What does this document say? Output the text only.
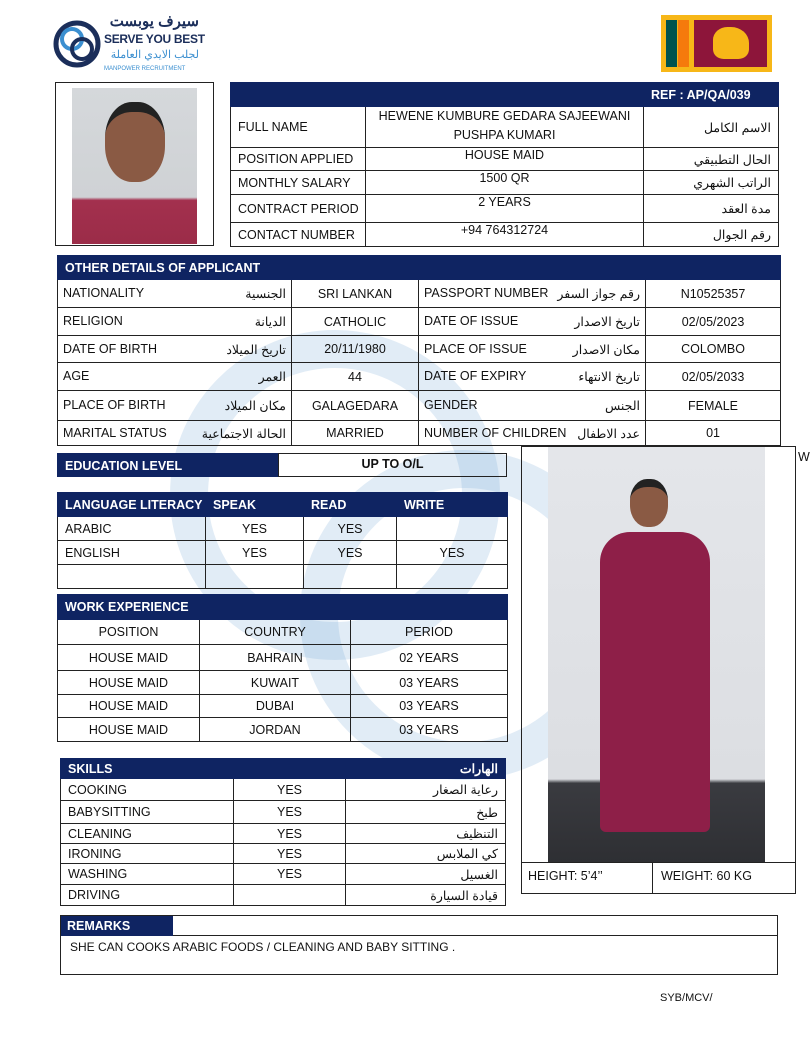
سيرف يوبست
SERVE YOU BEST
لجلب الايدي العاملة
MANPOWER RECRUITMENT
		REF : AP/QA/039
FULL NAME	HEWENE KUMBURE GEDARA SAJEEWANI PUSHPA KUMARI	الاسم الكامل
POSITION APPLIED	HOUSE MAID	الحال التطبيقي
MONTHLY SALARY	1500 QR	الراتب الشهري
CONTRACT PERIOD	2 YEARS	مدة العقد
CONTACT NUMBER	+94 764312724	رقم الجوال
OTHER DETAILS OF APPLICANT			

NATIONALITY الجنسية	SRI LANKAN	PASSPORT NUMBER رقم جواز السفر	N10525357

RELIGION الديانة	CATHOLIC	DATE OF ISSUE تاريخ الاصدار	02/05/2023

DATE OF BIRTH تاريخ الميلاد	20/11/1980	PLACE OF ISSUE مكان الاصدار	COLOMBO

AGE العمر	44	DATE OF EXPIRY تاريخ الانتهاء	02/05/2033

PLACE OF BIRTH مكان الميلاد	GALAGEDARA	GENDER الجنس	FEMALE

MARITAL STATUS الحالة الاجتماعية	MARRIED	NUMBER OF CHILDREN عدد الاطفال	01
EDUCATION LEVEL	UP TO O/L
LANGUAGE LITERACY	SPEAK	READ	WRITE
ARABIC	YES	YES	
ENGLISH	YES	YES	YES

WORK EXPERIENCE		
POSITION	COUNTRY	PERIOD
HOUSE MAID	BAHRAIN	02 YEARS
HOUSE MAID	KUWAIT	03 YEARS
HOUSE MAID	DUBAI	03 YEARS
HOUSE MAID	JORDAN	03 YEARS
SKILLS		الهارات
COOKING	YES	رعاية الصغار
BABYSITTING	YES	طبخ
CLEANING	YES	التنظيف
IRONING	YES	كي الملابس
WASHING	YES	الغسيل
DRIVING		قيادة السيارة
HEIGHT: 5’4’’	WEIGHT: 60 KG
W
REMARKS
SHE CAN COOKS ARABIC FOODS / CLEANING AND BABY SITTING .
SYB/MCV/
